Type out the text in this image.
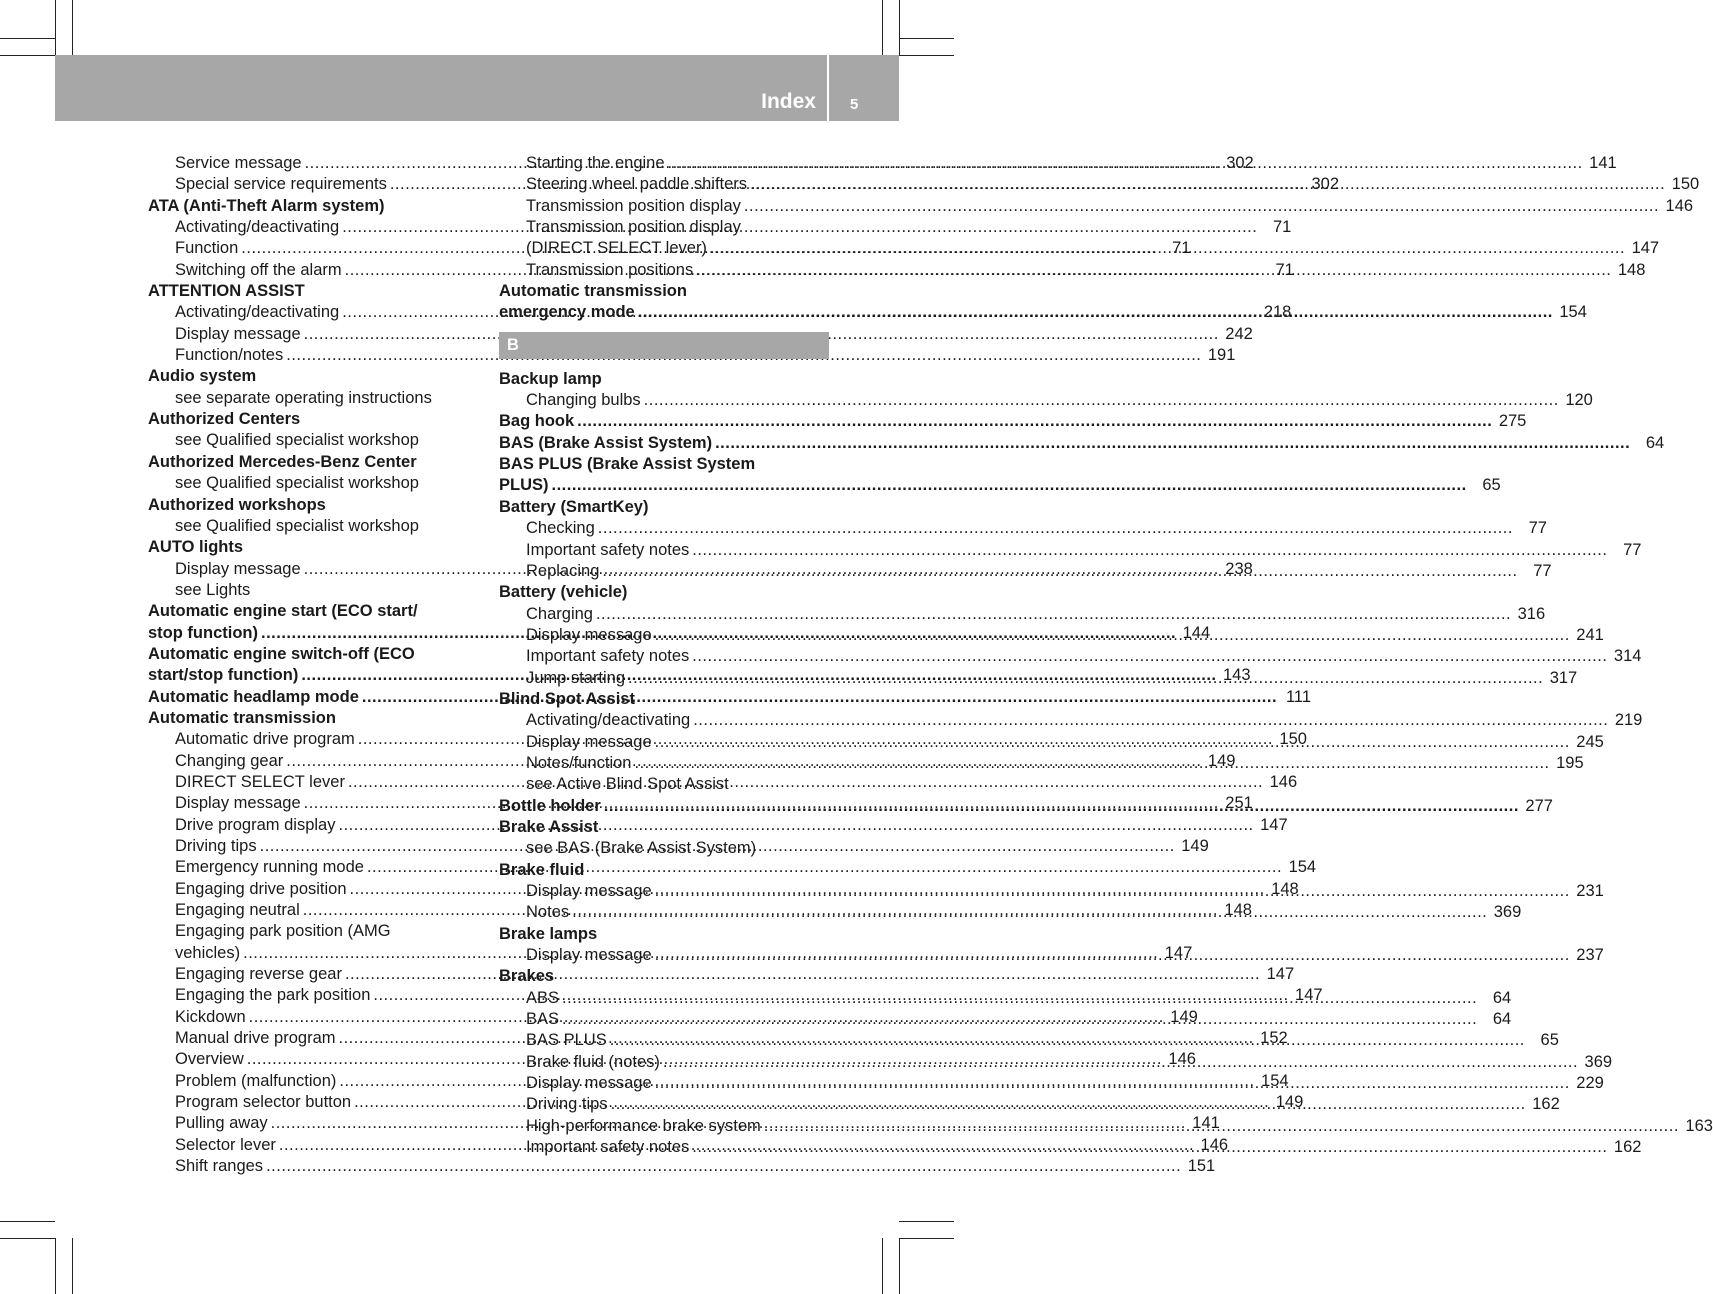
Index 5
Service message .....	302
Special service requirements .....	302
ATA (Anti-Theft Alarm system)
Activating/deactivating .....	71
Function .....	71
Switching off the alarm .....	71
ATTENTION ASSIST
Activating/deactivating .....	218
Display message .....	242
Function/notes .....	191
Audio system
see separate operating instructions
Authorized Centers
see Qualified specialist workshop
Authorized Mercedes-Benz Center
see Qualified specialist workshop
Authorized workshops
see Qualified specialist workshop
AUTO lights
Display message .....	238
see Lights
Automatic engine start (ECO start/
stop function) .....	144
Automatic engine switch-off (ECO
start/stop function) .....	143
Automatic headlamp mode .....	111
Automatic transmission
Automatic drive program .....	150
Changing gear .....	149
DIRECT SELECT lever .....	146
Display message .....	251
Drive program display .....	147
Driving tips .....	149
Emergency running mode .....	154
Engaging drive position .....	148
Engaging neutral .....	148
Engaging park position (AMG
vehicles) .....	147
Engaging reverse gear .....	147
Engaging the park position .....	147
Kickdown .....	149
Manual drive program .....	152
Overview .....	146
Problem (malfunction) .....	154
Program selector button .....	149
Pulling away .....	141
Selector lever .....	146
Shift ranges .....	151
Starting the engine .....	141
Steering wheel paddle shifters .....	150
Transmission position display .....	146
Transmission position display
(DIRECT SELECT lever) .....	147
Transmission positions .....	148
Automatic transmission
emergency mode .....	154
B
Backup lamp
Changing bulbs .....	120
Bag hook .....	275
BAS (Brake Assist System) .....	64
BAS PLUS (Brake Assist System
PLUS) .....	65
Battery (SmartKey)
Checking .....	77
Important safety notes .....	77
Replacing .....	77
Battery (vehicle)
Charging .....	316
Display message .....	241
Important safety notes .....	314
Jump starting .....	317
Blind Spot Assist
Activating/deactivating .....	219
Display message .....	245
Notes/function .....	195
see Active Blind Spot Assist
Bottle holder .....	277
Brake Assist
see BAS (Brake Assist System)
Brake fluid
Display message .....	231
Notes .....	369
Brake lamps
Display message .....	237
Brakes
ABS .....	64
BAS .....	64
BAS PLUS .....	65
Brake fluid (notes) .....	369
Display message .....	229
Driving tips .....	162
High-performance brake system .....	163
Important safety notes .....	162
